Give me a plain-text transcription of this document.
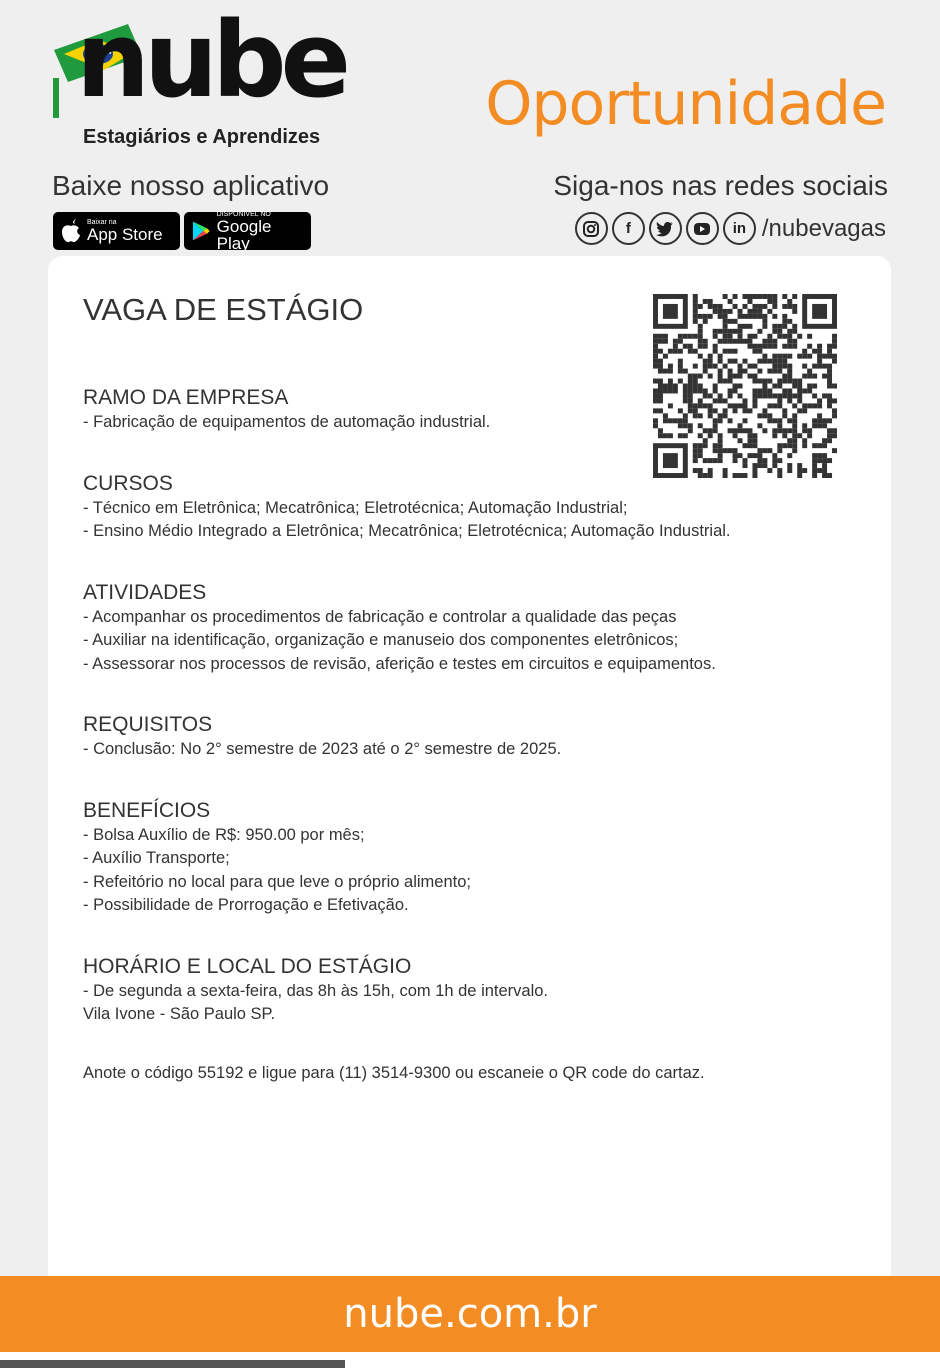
nube
Estagiários e Aprendizes	Oportunidade
Baixe nosso aplicativo	Siga-nos nas redes sociais
Baixar na
App Store
DISPONÍVEL NO
Google Play
f	in /nubevagas
VAGA DE ESTÁGIO
RAMO DA EMPRESA
- Fabricação de equipamentos de automação industrial.
CURSOS
- Técnico em Eletrônica; Mecatrônica; Eletrotécnica; Automação Industrial;
- Ensino Médio Integrado a Eletrônica; Mecatrônica; Eletrotécnica; Automação Industrial.
ATIVIDADES
- Acompanhar os procedimentos de fabricação e controlar a qualidade das peças
- Auxiliar na identificação, organização e manuseio dos componentes eletrônicos;
- Assessorar nos processos de revisão, aferição e testes em circuitos e equipamentos.
REQUISITOS
- Conclusão: No 2° semestre de 2023 até o 2° semestre de 2025.
BENEFÍCIOS
- Bolsa Auxílio de R$: 950.00 por mês;
- Auxílio Transporte;
- Refeitório no local para que leve o próprio alimento;
- Possibilidade de Prorrogação e Efetivação.
HORÁRIO E LOCAL DO ESTÁGIO
- De segunda a sexta-feira, das 8h às 15h, com 1h de intervalo.
Vila Ivone - São Paulo SP.
Anote o código 55192 e ligue para (11) 3514-9300 ou escaneie o QR code do cartaz.
nube.com.br
